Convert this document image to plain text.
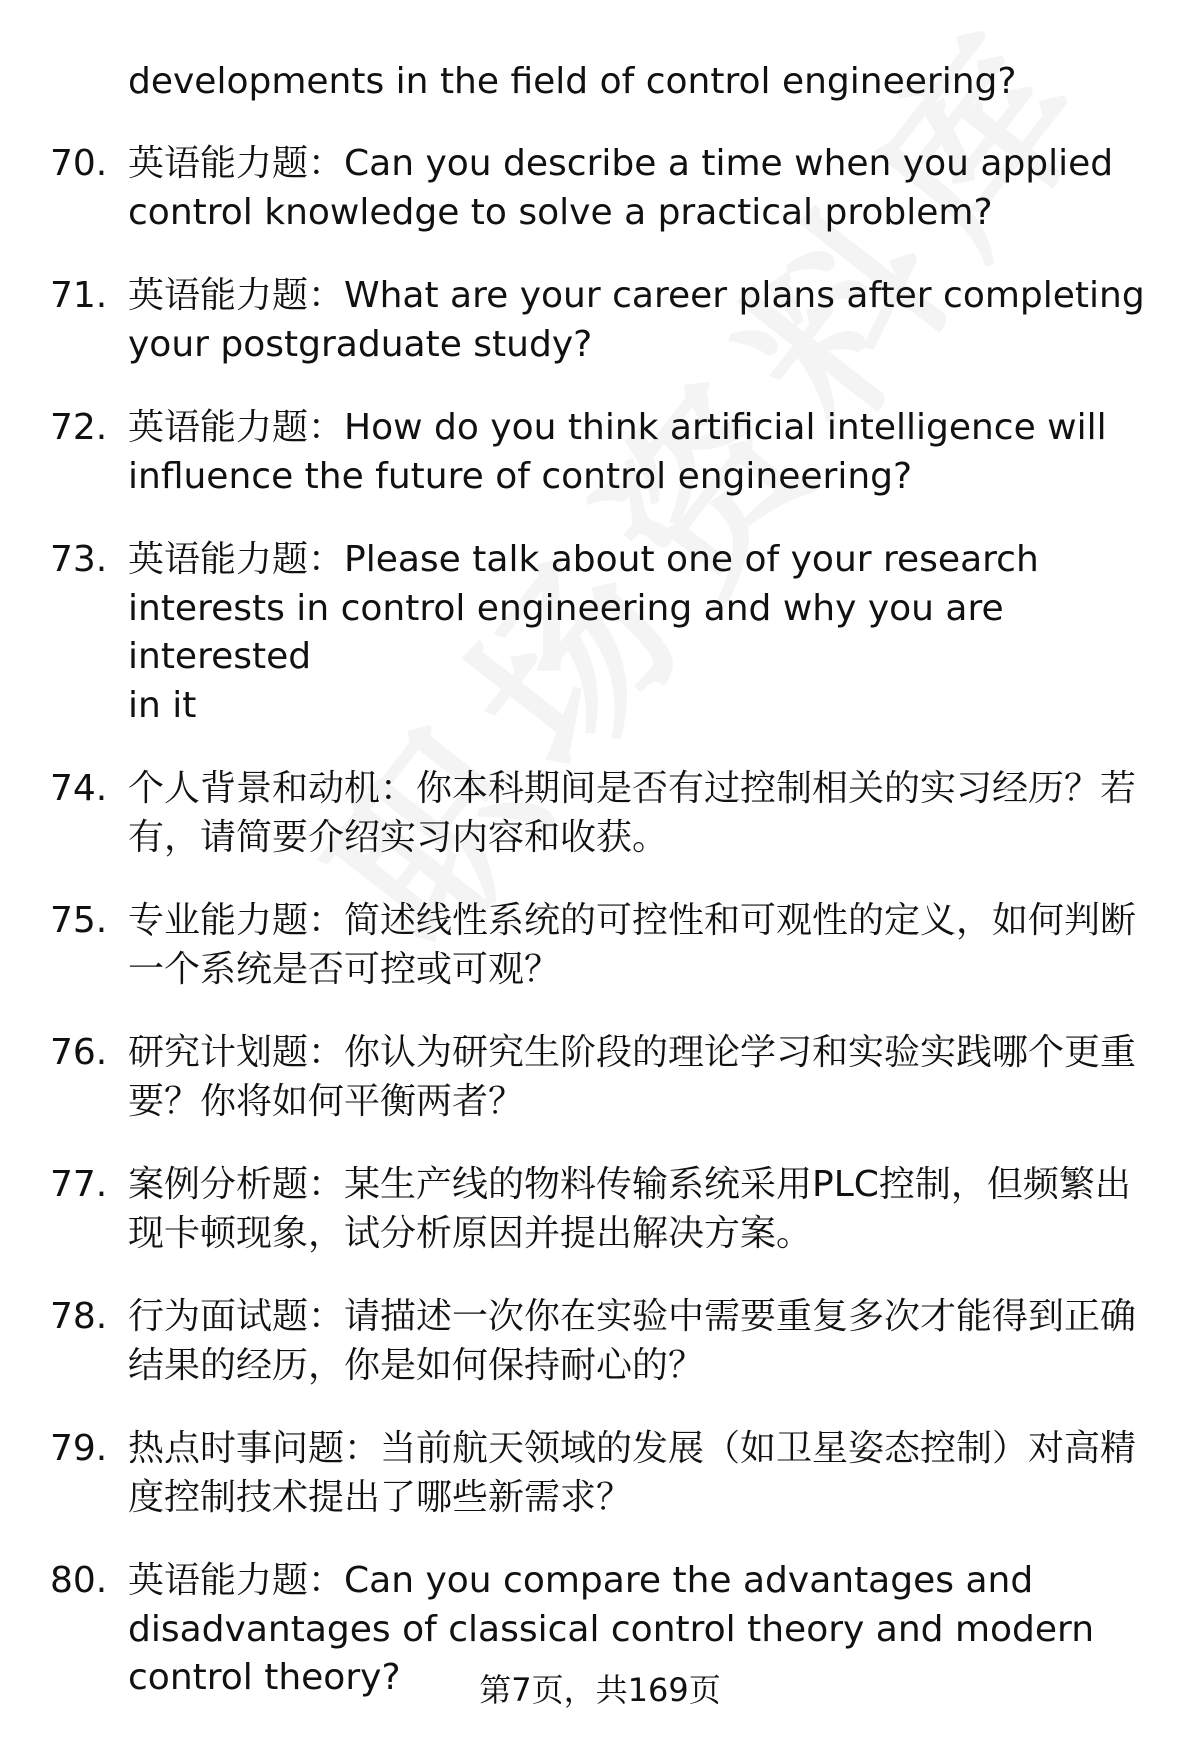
developments in the field of control engineering?
70. 英语能力题：Can you describe a time when you applied
control knowledge to solve a practical problem?
71. 英语能力题：What are your career plans after completing
your postgraduate study?
72. 英语能力题：How do you think artificial intelligence will
influence the future of control engineering?
73. 英语能力题：Please talk about one of your research
interests in control engineering and why you are interested
in it
74. 个人背景和动机：你本科期间是否有过控制相关的实习经历？若
有，请简要介绍实习内容和收获。
75. 专业能力题：简述线性系统的可控性和可观性的定义，如何判断
一个系统是否可控或可观？
76. 研究计划题：你认为研究生阶段的理论学习和实验实践哪个更重
要？你将如何平衡两者？
77. 案例分析题：某生产线的物料传输系统采用PLC控制，但频繁出
现卡顿现象，试分析原因并提出解决方案。
78. 行为面试题：请描述一次你在实验中需要重复多次才能得到正确
结果的经历，你是如何保持耐心的？
79. 热点时事问题：当前航天领域的发展（如卫星姿态控制）对高精
度控制技术提出了哪些新需求？
80. 英语能力题：Can you compare the advantages and
disadvantages of classical control theory and modern
control theory?	第7页，共169页
